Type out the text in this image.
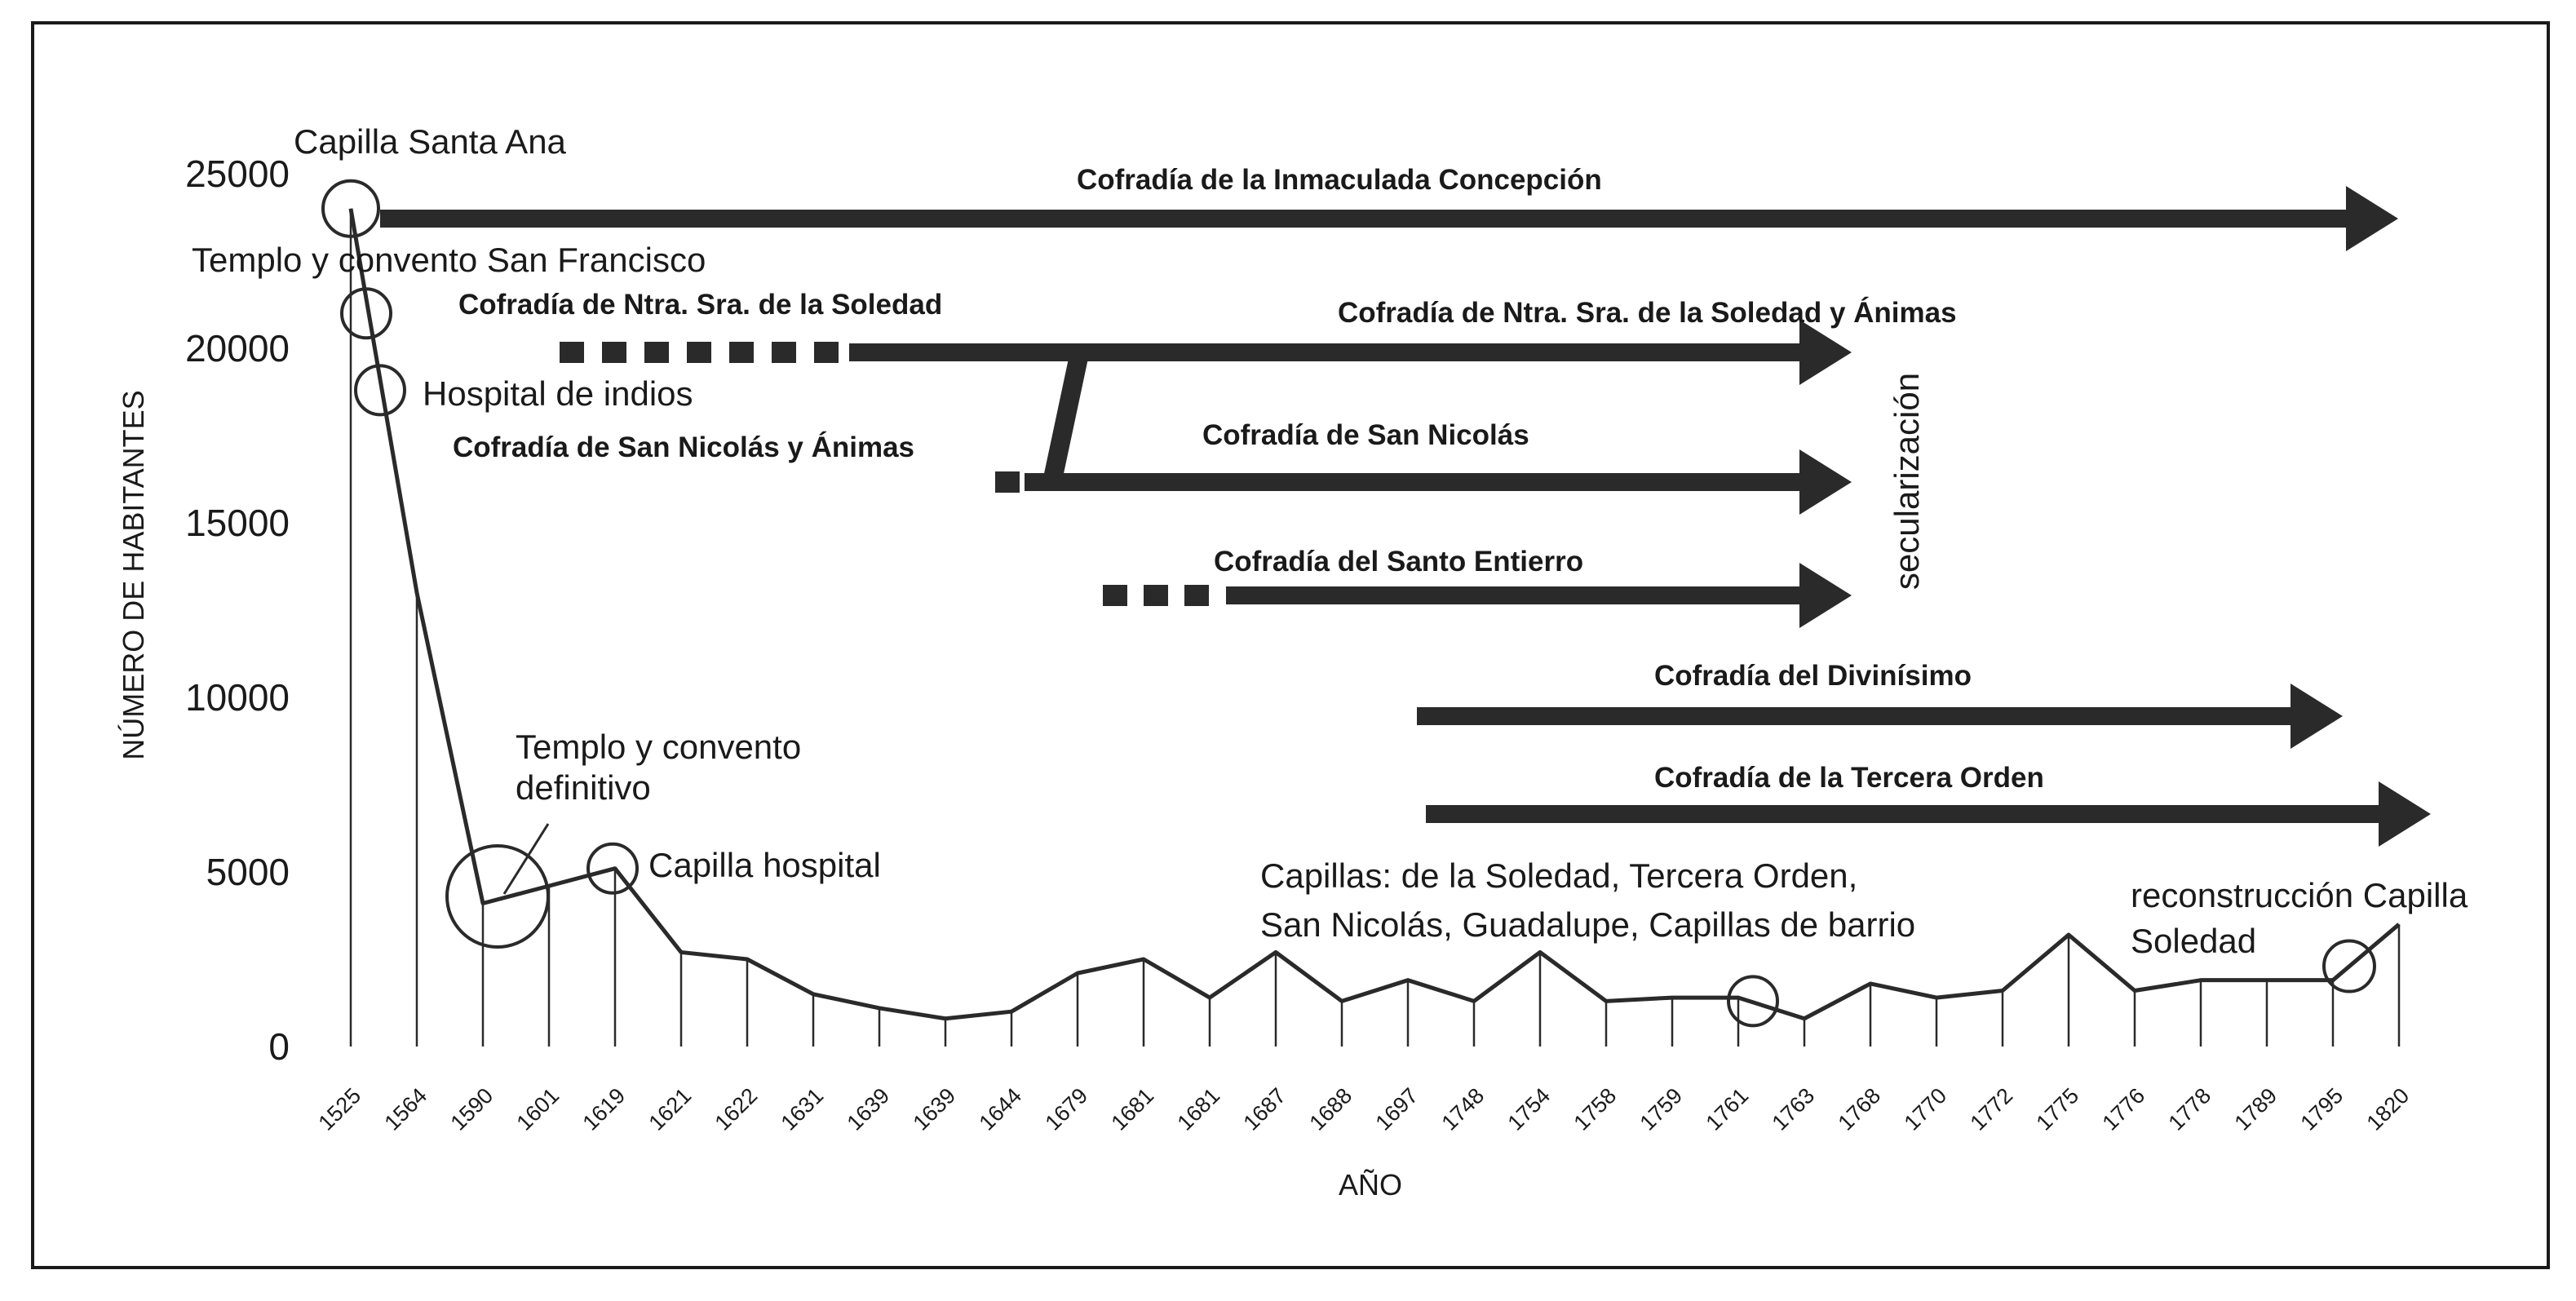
0
5000
10000
15000
20000
25000
1525 1564 1590 1601 1619 1621 1622 1631 1639 1639 1644 1679 1681 1681 1687 1688 1697 1748 1754 1758 1759 1761 1763 1768 1770 1772 1775 1776 1778 1789 1795 1820
NÚMERO DE HABITANTES
AÑO
Capilla Santa Ana
Templo y convento San Francisco
Hospital de indios
Templo y convento definitivo
Capilla hospital	Capillas: de la Soledad, Tercera Orden, San Nicolás, Guadalupe, Capillas de barrio
reconstrucción Capilla Soledad
Cofradía de la Inmaculada Concepción
Cofradía de Ntra. Sra. de la Soledad	Cofradía de Ntra. Sra. de la Soledad y Ánimas
Cofradía de San Nicolás y Ánimas	Cofradía de San Nicolás
Cofradía del Santo Entierro
Cofradía del Divinísimo
Cofradía de la Tercera Orden
secularización
